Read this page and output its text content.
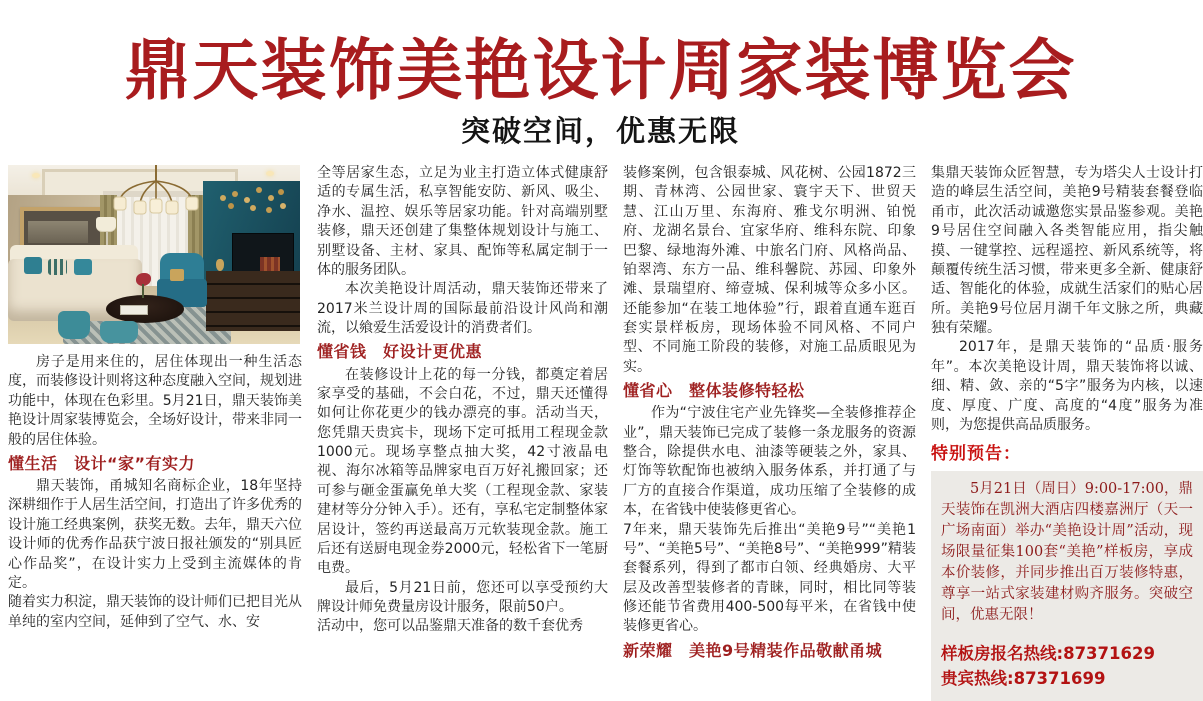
鼎天装饰美艳设计周家装博览会
突破空间，优惠无限

房子是用来住的，居住体现出一种生活态度，而装修设计则将这种态度融入空间，规划进功能中，体现在色彩里。5月21日，鼎天装饰美艳设计周家装博览会，全场好设计，带来非同一般的居住体验。

懂生活　设计“家”有实力

鼎天装饰，甬城知名商标企业，18年坚持深耕细作于人居生活空间，打造出了许多优秀的设计施工经典案例，获奖无数。去年，鼎天六位设计师的优秀作品获宁波日报社颁发的“别具匠心作品奖”，在设计实力上受到主流媒体的肯定。

随着实力积淀，鼎天装饰的设计师们已把目光从单纯的室内空间，延伸到了空气、水、安

全等居家生态，立足为业主打造立体式健康舒适的专属生活，私享智能安防、新风、吸尘、净水、温控、娱乐等居家功能。针对高端别墅装修，鼎天还创建了集整体规划设计与施工、别墅设备、主材、家具、配饰等私属定制于一体的服务团队。

本次美艳设计周活动，鼎天装饰还带来了2017米兰设计周的国际最前沿设计风尚和潮流，以飨爱生活爱设计的消费者们。

懂省钱　好设计更优惠

在装修设计上花的每一分钱，都奠定着居家享受的基础，不会白花，不过，鼎天还懂得如何让你花更少的钱办漂亮的事。活动当天，您凭鼎天贵宾卡，现场下定可抵用工程现金款1000元。现场享整点抽大奖，42寸液晶电视、海尔冰箱等品牌家电百万好礼搬回家；还可参与砸金蛋赢免单大奖（工程现金款、家装建材等分分钟入手）。还有，享私宅定制整体家居设计，签约再送最高万元软装现金款。施工后还有送厨电现金券2000元，轻松省下一笔厨电费。

最后，5月21日前，您还可以享受预约大牌设计师免费量房设计服务，限前50户。

活动中，您可以品鉴鼎天准备的数千套优秀

装修案例，包含银泰城、风花树、公园1872三期、青林湾、公园世家、寰宇天下、世贸天慧、江山万里、东海府、雅戈尔明洲、铂悦府、龙湖名景台、宜家华府、维科东院、印象巴黎、绿地海外滩、中旅名门府、风格尚品、铂翠湾、东方一品、维科馨院、苏园、印象外滩、景瑞望府、缔壹城、保利城等众多小区。还能参加“在装工地体验”行，跟着直通车逛百套实景样板房，现场体验不同风格、不同户型、不同施工阶段的装修，对施工品质眼见为实。

懂省心　整体装修特轻松

作为“宁波住宅产业先锋奖—全装修推荐企业”，鼎天装饰已完成了装修一条龙服务的资源整合，除提供水电、油漆等硬装之外，家具、灯饰等软配饰也被纳入服务体系，并打通了与厂方的直接合作渠道，成功压缩了全装修的成本，在省钱中使装修更省心。

7年来，鼎天装饰先后推出“美艳9号”“美艳1号”、“美艳5号”、“美艳8号”、“美艳999”精装套餐系列，得到了都市白领、经典婚房、大平层及改善型装修者的青睐，同时，相比同等装修还能节省费用400-500每平米，在省钱中使装修更省心。

新荣耀　美艳9号精装作品敬献甬城

集鼎天装饰众匠智慧，专为塔尖人士设计打造的峰层生活空间，美艳9号精装套餐登临甬市，此次活动诚邀您实景品鉴参观。美艳9号居住空间融入各类智能应用，指尖触摸、一键掌控、远程遥控、新风系统等，将颠覆传统生活习惯，带来更多全新、健康舒适、智能化的体验，成就生活家们的贴心居所。美艳9号位居月湖千年文脉之所，典藏独有荣耀。

2017年，是鼎天装饰的“品质·服务年”。本次美艳设计周，鼎天装饰将以诚、细、精、敛、亲的“5字”服务为内核，以速度、厚度、广度、高度的“4度”服务为准则，为您提供高品质服务。

特别预告：

5月21日（周日）9:00-17:00，鼎天装饰在凯洲大酒店四楼嘉洲厅（天一广场南面）举办“美艳设计周”活动，现场限量征集100套“美艳”样板房，享成本价装修，并同步推出百万装修特惠，尊享一站式家装建材购齐服务。突破空间，优惠无限！

样板房报名热线:87371629
贵宾热线:87371699
